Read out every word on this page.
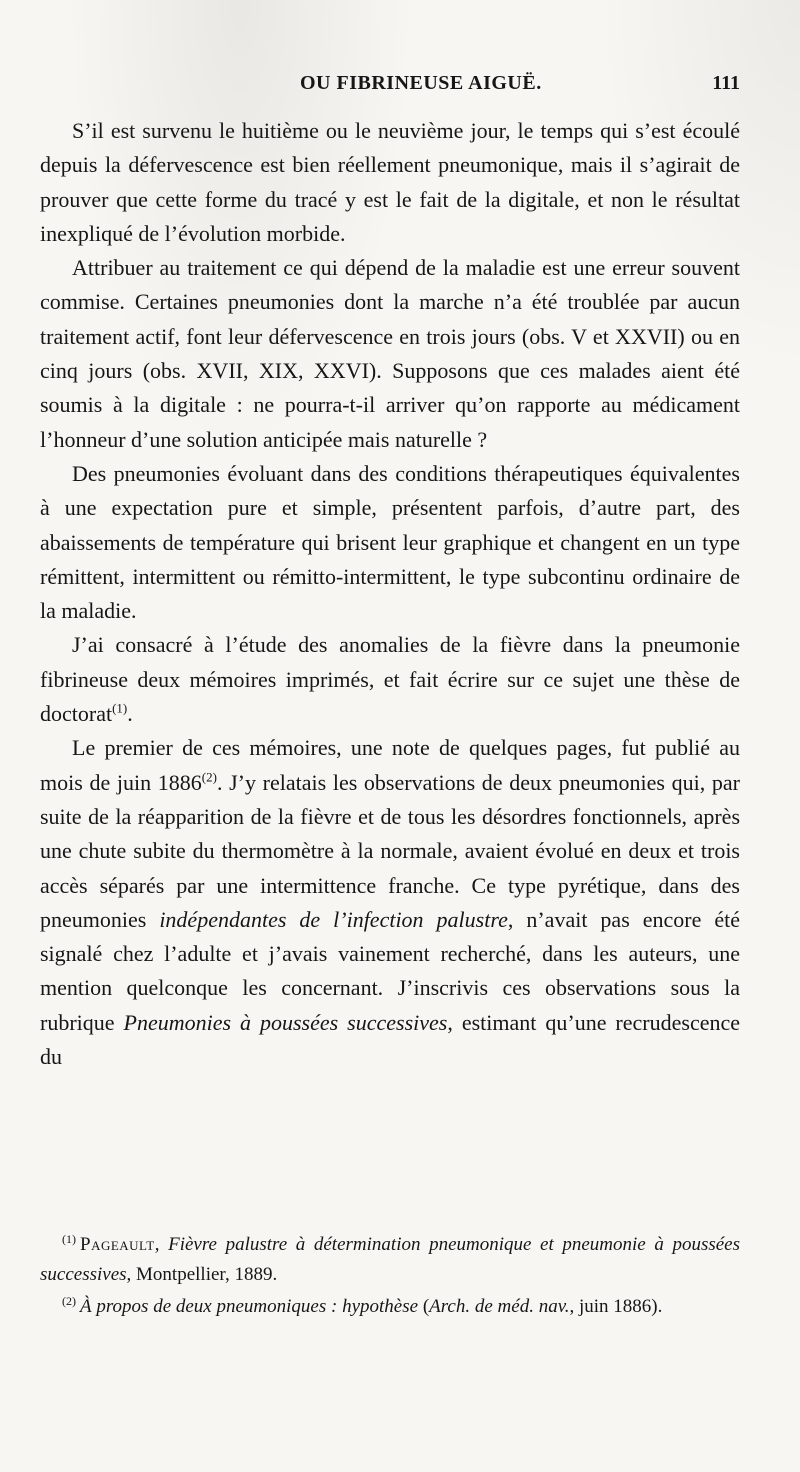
OU FIBRINEUSE AIGUË.	111

S’il est survenu le huitième ou le neuvième jour, le temps qui s’est écoulé depuis la défervescence est bien réellement pneumonique, mais il s’agirait de prouver que cette forme du tracé y est le fait de la digitale, et non le résultat inexpliqué de l’évolution morbide.

Attribuer au traitement ce qui dépend de la maladie est une erreur souvent commise. Certaines pneumonies dont la marche n’a été troublée par aucun traitement actif, font leur défervescence en trois jours (obs. V et XXVII) ou en cinq jours (obs. XVII, XIX, XXVI). Supposons que ces malades aient été soumis à la digitale : ne pourra-t-il arriver qu’on rapporte au médicament l’honneur d’une solution anticipée mais naturelle ?

Des pneumonies évoluant dans des conditions thérapeutiques équivalentes à une expectation pure et simple, présentent parfois, d’autre part, des abaissements de température qui brisent leur graphique et changent en un type rémittent, intermittent ou rémitto-intermittent, le type subcontinu ordinaire de la maladie.

J’ai consacré à l’étude des anomalies de la fièvre dans la pneumonie fibrineuse deux mémoires imprimés, et fait écrire sur ce sujet une thèse de doctorat$^{(1)}$.

Le premier de ces mémoires, une note de quelques pages, fut publié au mois de juin 1886$^{(2)}$. J’y relatais les observations de deux pneumonies qui, par suite de la réapparition de la fièvre et de tous les désordres fonctionnels, après une chute subite du thermomètre à la normale, avaient évolué en deux et trois accès séparés par une intermittence franche. Ce type pyrétique, dans des pneumonies indépendantes de l’infection palustre, n’avait pas encore été signalé chez l’adulte et j’avais vainement recherché, dans les auteurs, une mention quelconque les concernant. J’inscrivis ces observations sous la rubrique Pneumonies à poussées successives, estimant qu’une recrudescence du

$^{(1)}$ Pageault, Fièvre palustre à détermination pneumonique et pneumonie à poussées successives, Montpellier, 1889.

$^{(2)}$ À propos de deux pneumoniques : hypothèse (Arch. de méd. nav., juin 1886).
